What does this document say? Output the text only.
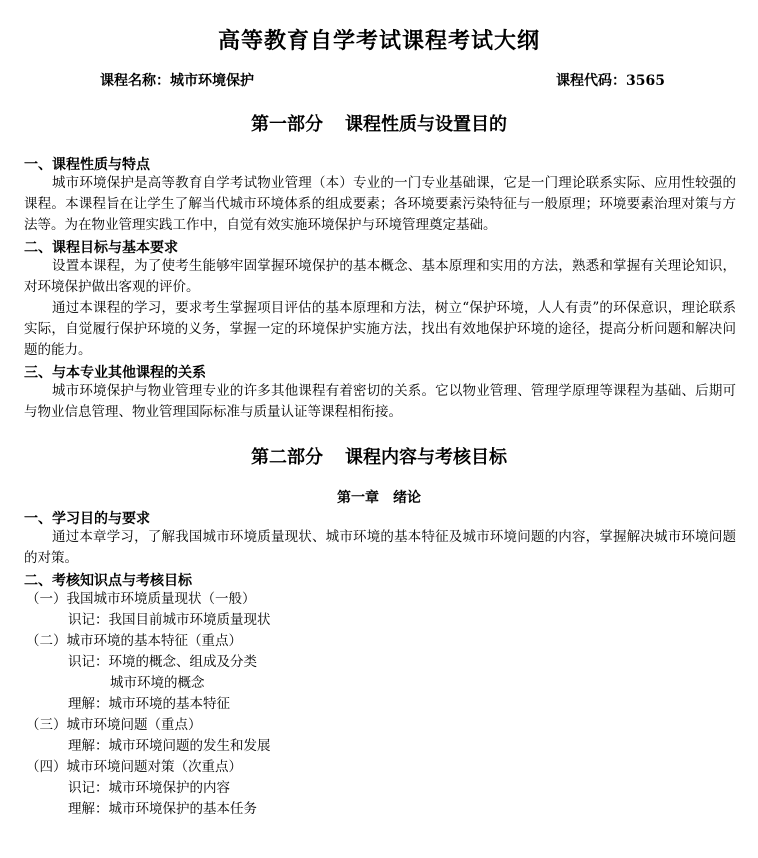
高等教育自学考试课程考试大纲
课程名称：城市环境保护	课程代码：3565
第一部分 课程性质与设置目的
一、课程性质与特点
城市环境保护是高等教育自学考试物业管理（本）专业的一门专业基础课，它是一门理论联系实际、应用性较强的课程。本课程旨在让学生了解当代城市环境体系的组成要素；各环境要素污染特征与一般原理；环境要素治理对策与方法等。为在物业管理实践工作中，自觉有效实施环境保护与环境管理奠定基础。
二、课程目标与基本要求
设置本课程，为了使考生能够牢固掌握环境保护的基本概念、基本原理和实用的方法，熟悉和掌握有关理论知识，对环境保护做出客观的评价。
通过本课程的学习，要求考生掌握项目评估的基本原理和方法，树立“保护环境，人人有责”的环保意识，理论联系实际，自觉履行保护环境的义务，掌握一定的环境保护实施方法，找出有效地保护环境的途径，提高分析问题和解决问题的能力。
三、与本专业其他课程的关系
城市环境保护与物业管理专业的许多其他课程有着密切的关系。它以物业管理、管理学原理等课程为基础、后期可与物业信息管理、物业管理国际标准与质量认证等课程相衔接。
第二部分 课程内容与考核目标
第一章 绪论
一、学习目的与要求
通过本章学习，了解我国城市环境质量现状、城市环境的基本特征及城市环境问题的内容，掌握解决城市环境问题的对策。
二、考核知识点与考核目标
（一）我国城市环境质量现状（一般）
识记：我国目前城市环境质量现状
（二）城市环境的基本特征（重点）
识记：环境的概念、组成及分类
城市环境的概念
理解：城市环境的基本特征
（三）城市环境问题（重点）
理解：城市环境问题的发生和发展
（四）城市环境问题对策（次重点）
识记：城市环境保护的内容
理解：城市环境保护的基本任务
